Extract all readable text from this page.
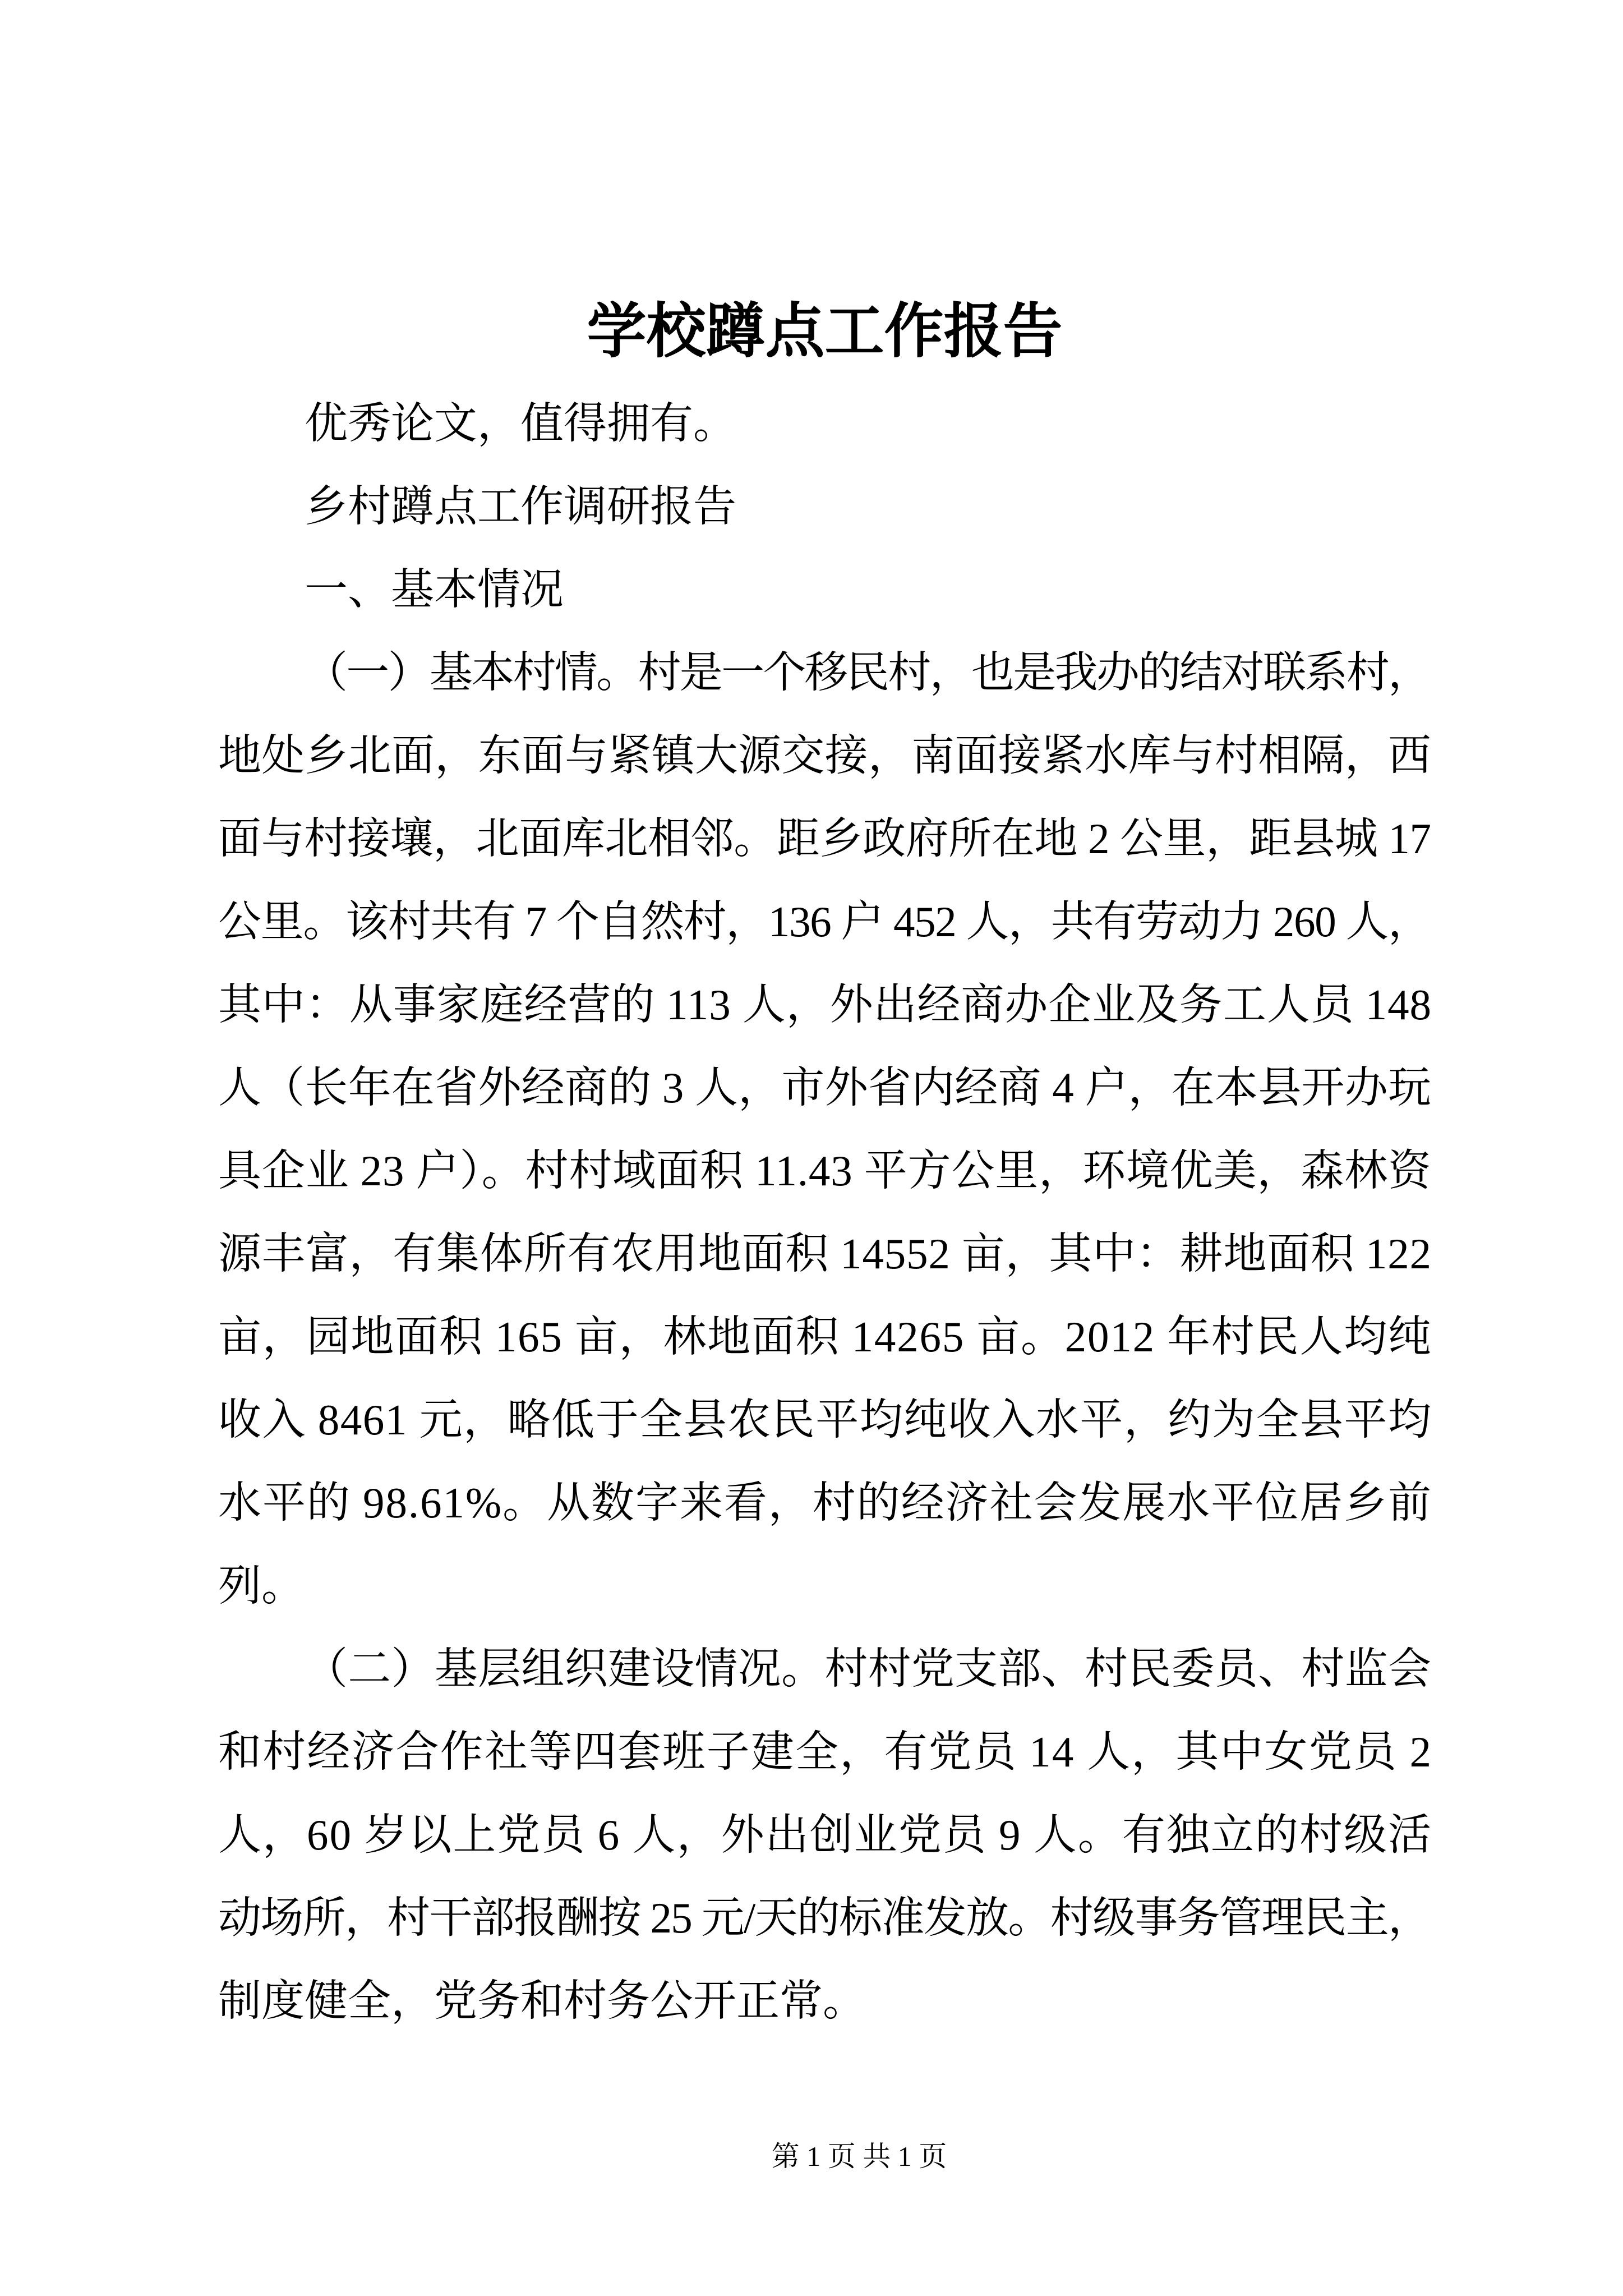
学校蹲点工作报告
优秀论文，值得拥有。
乡村蹲点工作调研报告
一、基本情况
（一）基本村情。村是一个移民村，也是我办的结对联系村，
地处乡北面，东面与紧镇大源交接，南面接紧水库与村相隔，西
面与村接壤，北面库北相邻。距乡政府所在地 2 公里，距县城 17
公里。该村共有 7 个自然村，136 户 452 人，共有劳动力 260 人，
其中：从事家庭经营的 113 人，外出经商办企业及务工人员 148
人（长年在省外经商的 3 人，市外省内经商 4 户，在本县开办玩
具企业 23 户）。村村域面积 11.43 平方公里，环境优美，森林资
源丰富，有集体所有农用地面积 14552 亩，其中：耕地面积 122
亩，园地面积 165 亩，林地面积 14265 亩。2012 年村民人均纯
收入 8461 元，略低于全县农民平均纯收入水平，约为全县平均
水平的 98.61%。从数字来看，村的经济社会发展水平位居乡前
列。
（二）基层组织建设情况。村村党支部、村民委员、村监会
和村经济合作社等四套班子建全，有党员 14 人，其中女党员 2
人，60 岁以上党员 6 人，外出创业党员 9 人。有独立的村级活
动场所，村干部报酬按 25 元/天的标准发放。村级事务管理民主，
制度健全，党务和村务公开正常。
第 1 页 共 1 页
